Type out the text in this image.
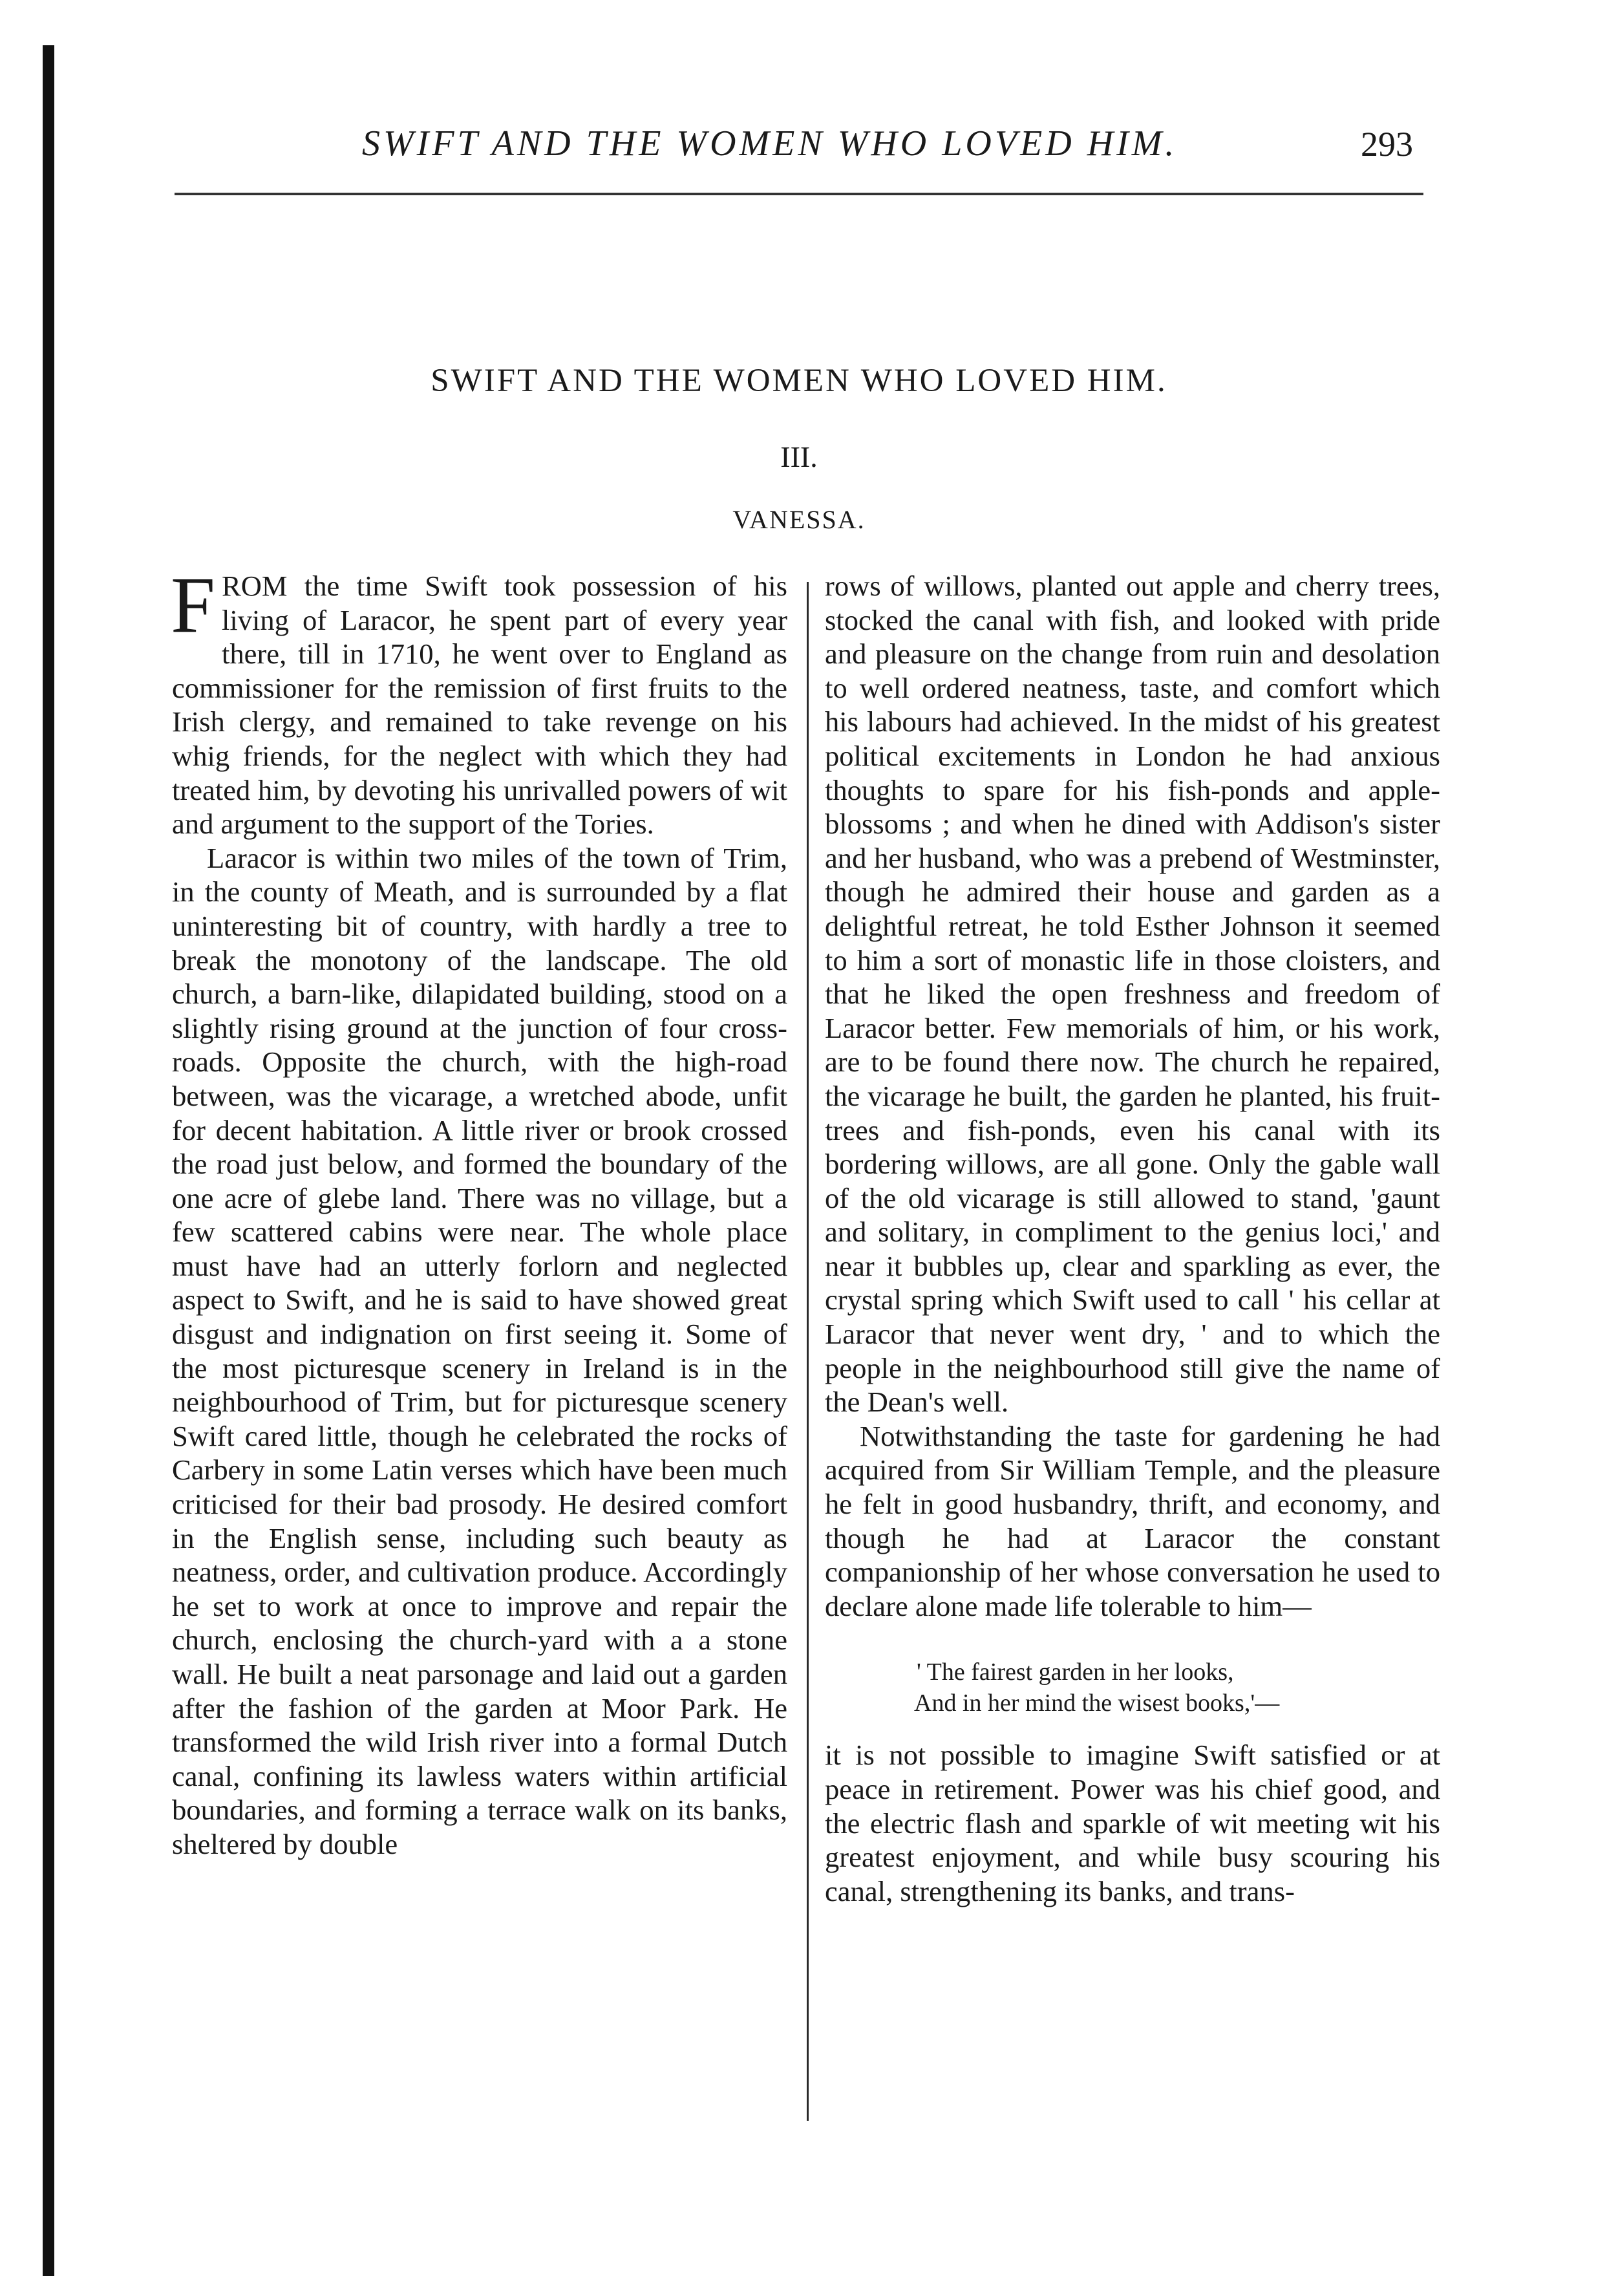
SWIFT AND THE WOMEN WHO LOVED HIM.	293
SWIFT AND THE WOMEN WHO LOVED HIM.
III.
VANESSA.

FROM the time Swift took possession of his living of Laracor, he spent part of every year there, till in 1710, he went over to England as commissioner for the remission of first fruits to the Irish clergy, and remained to take revenge on his whig friends, for the neglect with which they had treated him, by devoting his unrivalled powers of wit and argument to the support of the Tories.

Laracor is within two miles of the town of Trim, in the county of Meath, and is surrounded by a flat uninteresting bit of country, with hardly a tree to break the monotony of the landscape. The old church, a barn-like, dilapidated building, stood on a slightly rising ground at the junction of four cross-roads. Opposite the church, with the high-road between, was the vicarage, a wretched abode, unfit for decent habitation. A little river or brook crossed the road just below, and formed the boundary of the one acre of glebe land. There was no village, but a few scattered cabins were near. The whole place must have had an utterly forlorn and neglected aspect to Swift, and he is said to have showed great disgust and indignation on first seeing it. Some of the most picturesque scenery in Ireland is in the neighbourhood of Trim, but for picturesque scenery Swift cared little, though he celebrated the rocks of Carbery in some Latin verses which have been much criticised for their bad prosody. He desired comfort in the English sense, including such beauty as neatness, order, and cultivation produce. Accordingly he set to work at once to improve and repair the church, enclosing the church-yard with a a stone wall. He built a neat parsonage and laid out a garden after the fashion of the garden at Moor Park. He transformed the wild Irish river into a formal Dutch canal, confining its lawless waters within artificial boundaries, and forming a terrace walk on its banks, sheltered by double

rows of willows, planted out apple and cherry trees, stocked the canal with fish, and looked with pride and pleasure on the change from ruin and desolation to well ordered neatness, taste, and comfort which his labours had achieved. In the midst of his greatest political excitements in London he had anxious thoughts to spare for his fish-ponds and apple-blossoms ; and when he dined with Addison's sister and her husband, who was a prebend of Westminster, though he admired their house and garden as a delightful retreat, he told Esther Johnson it seemed to him a sort of monastic life in those cloisters, and that he liked the open freshness and freedom of Laracor better. Few memorials of him, or his work, are to be found there now. The church he repaired, the vicarage he built, the garden he planted, his fruit-trees and fish-ponds, even his canal with its bordering willows, are all gone. Only the gable wall of the old vicarage is still allowed to stand, 'gaunt and solitary, in compliment to the genius loci,' and near it bubbles up, clear and sparkling as ever, the crystal spring which Swift used to call ' his cellar at Laracor that never went dry, ' and to which the people in the neighbourhood still give the name of the Dean's well.

Notwithstanding the taste for gardening he had acquired from Sir William Temple, and the pleasure he felt in good husbandry, thrift, and economy, and though he had at Laracor the constant companionship of her whose conversation he used to declare alone made life tolerable to him—

' The fairest garden in her looks,
And in her mind the wisest books,'—

it is not possible to imagine Swift satisfied or at peace in retirement. Power was his chief good, and the electric flash and sparkle of wit meeting wit his greatest enjoyment, and while busy scouring his canal, strengthening its banks, and trans-
